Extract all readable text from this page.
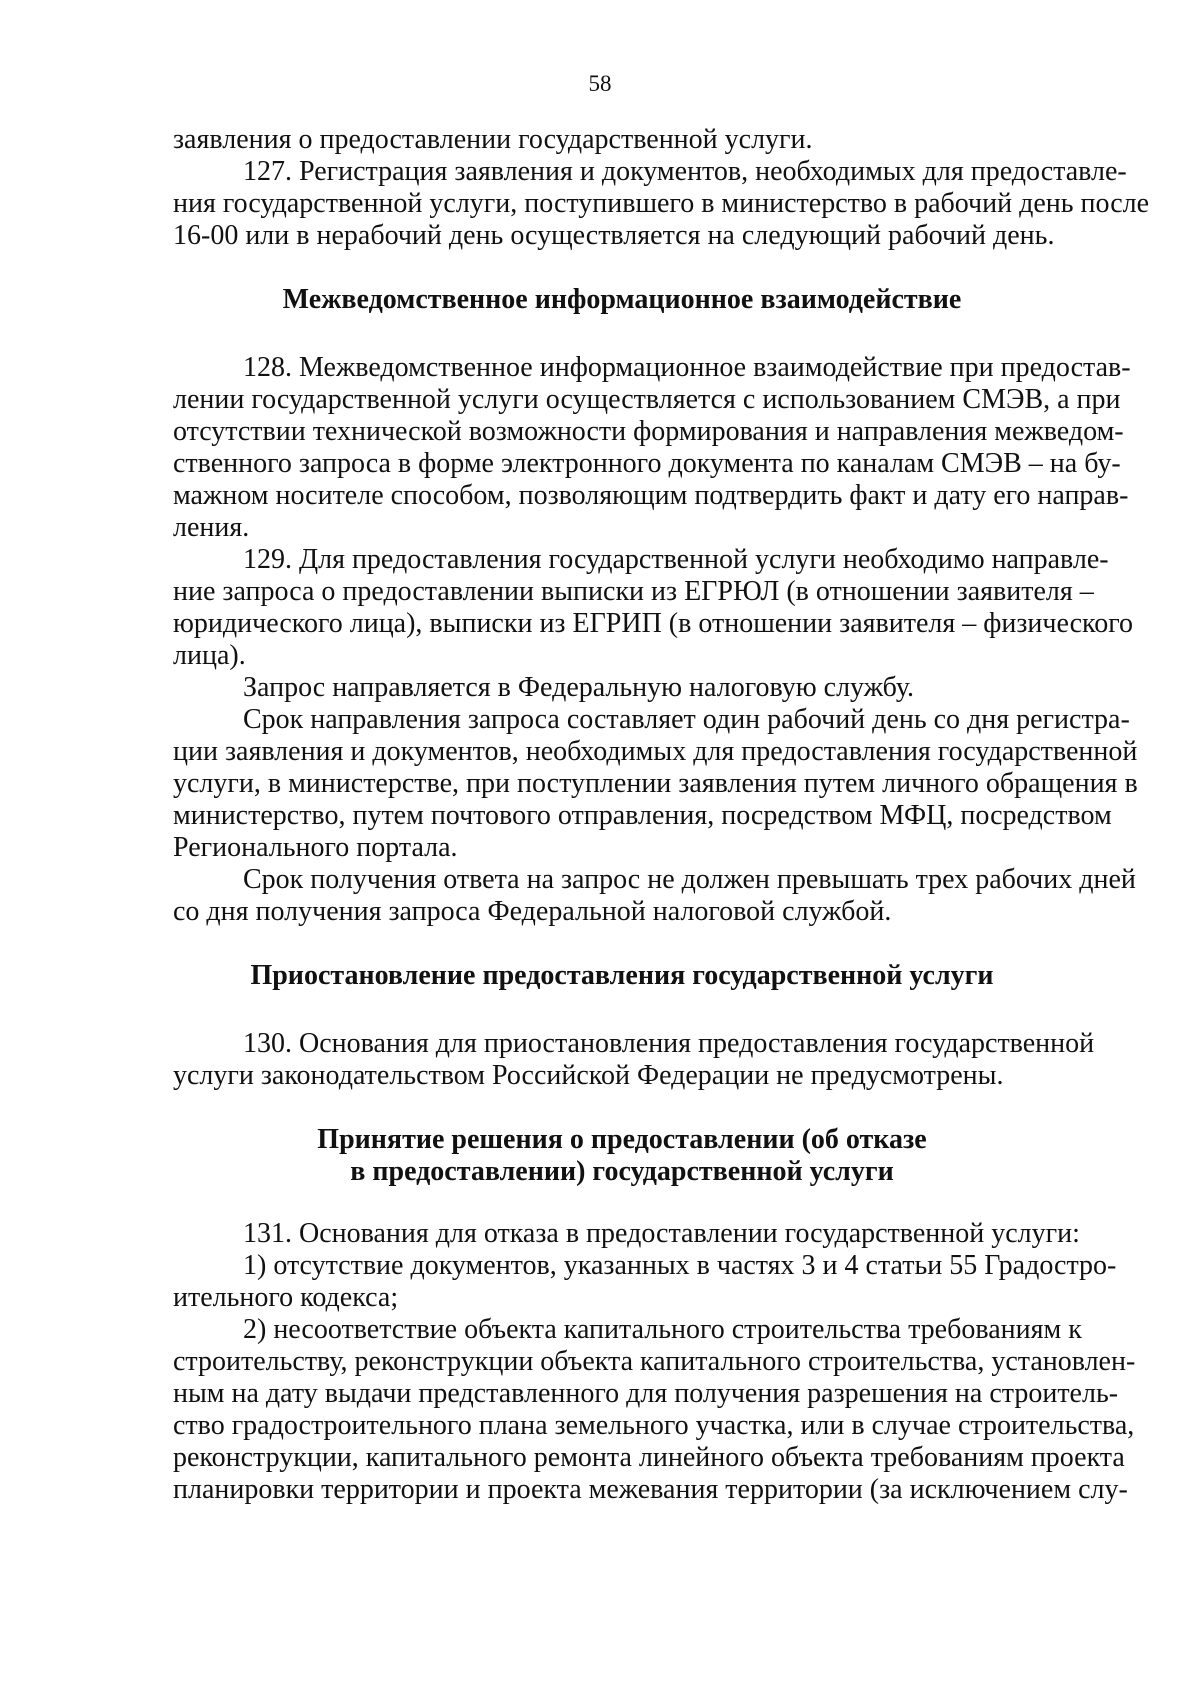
58
заявления о предоставлении государственной услуги.
127. Регистрация заявления и документов, необходимых для предоставле-
ния государственной услуги, поступившего в министерство в рабочий день после
16-00 или в нерабочий день осуществляется на следующий рабочий день.
Межведомственное информационное взаимодействие
128. Межведомственное информационное взаимодействие при предостав-
лении государственной услуги осуществляется с использованием СМЭВ, а при
отсутствии технической возможности формирования и направления межведом-
ственного запроса в форме электронного документа по каналам СМЭВ – на бу-
мажном носителе способом, позволяющим подтвердить факт и дату его направ-
ления.
129. Для предоставления государственной услуги необходимо направле-
ние запроса о предоставлении выписки из ЕГРЮЛ (в отношении заявителя –
юридического лица), выписки из ЕГРИП (в отношении заявителя – физического
лица).
Запрос направляется в Федеральную налоговую службу.
Срок направления запроса составляет один рабочий день со дня регистра-
ции заявления и документов, необходимых для предоставления государственной
услуги, в министерстве, при поступлении заявления путем личного обращения в
министерство, путем почтового отправления, посредством МФЦ, посредством
Регионального портала.
Срок получения ответа на запрос не должен превышать трех рабочих дней
со дня получения запроса Федеральной налоговой службой.
Приостановление предоставления государственной услуги
130. Основания для приостановления предоставления государственной
услуги законодательством Российской Федерации не предусмотрены.
Принятие решения о предоставлении (об отказе
в предоставлении) государственной услуги
131. Основания для отказа в предоставлении государственной услуги:
1) отсутствие документов, указанных в частях 3 и 4 статьи 55 Градостро-
ительного кодекса;
2) несоответствие объекта капитального строительства требованиям к
строительству, реконструкции объекта капитального строительства, установлен-
ным на дату выдачи представленного для получения разрешения на строитель-
ство градостроительного плана земельного участка, или в случае строительства,
реконструкции, капитального ремонта линейного объекта требованиям проекта
планировки территории и проекта межевания территории (за исключением слу-
